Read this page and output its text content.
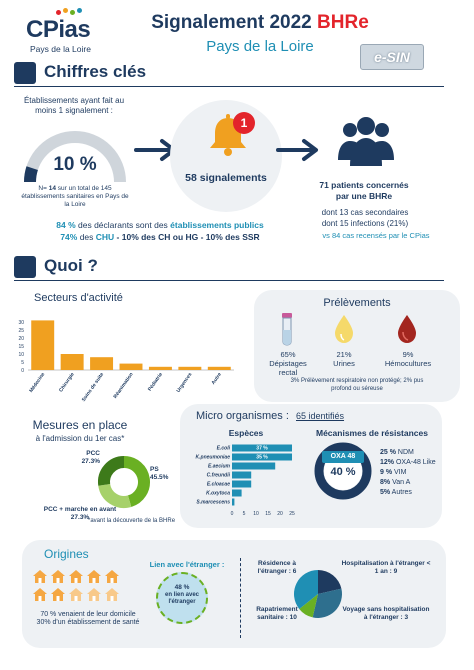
CPias
Pays de la Loire
Signalement 2022 BHRe
Pays de la Loire
e-SIN
Chiffres clés
Établissements ayant fait au moins 1 signalement :
10 %
N= 14 sur un total de 145 établissements sanitaires en Pays de la Loire
1
58 signalements
71 patients concernés par une BHRe
dont 13 cas secondaires
dont 15 infections (21%)
vs 84 cas recensés par le CPias
84 % des déclarants sont des établissements publics
74% des CHU - 10% des CH ou HG - 10% des SSR
Quoi ?
Secteurs d'activité
0
5
10
15
20
25
30
Médecine Chirurgie Soins de suite Réanimation Pédiatrie Urgences	Autre
Prélèvements
65%
Dépistages rectal
21%
Urines
9%
Hémocultures
3% Prélèvement respiratoire non protégé; 2% pus profond ou séreuse
Mesures en place
à l'admission du 1er cas*
PCC
27.3%
PS
45.5%
PCC + marche en avant
27.3%
*avant la découverte de la BHRe
Micro organismes : 65 identifiés
Espèces
E.coli	37 %
K.pneumoniae	35 %
E.aecium
C.freundii
E.cloacae
K.oxytoca
S.marcescens
0 5 10 15 20 25
Mécanismes de résistances
OXA 48
40 %
25 % NDM
12% OXA-48 Like
9 % VIM
8% Van A
5% Autres
Origines
70 % venaient de leur domicile
30% d'un établissement de santé
Lien avec l'étranger :
48 %
en lien avec l'étranger
Résidence à l'étranger : 6
Hospitalisation à l'étranger < 1 an : 9
Rapatriement sanitaire : 10
Voyage sans hospitalisation à l'étranger : 3
